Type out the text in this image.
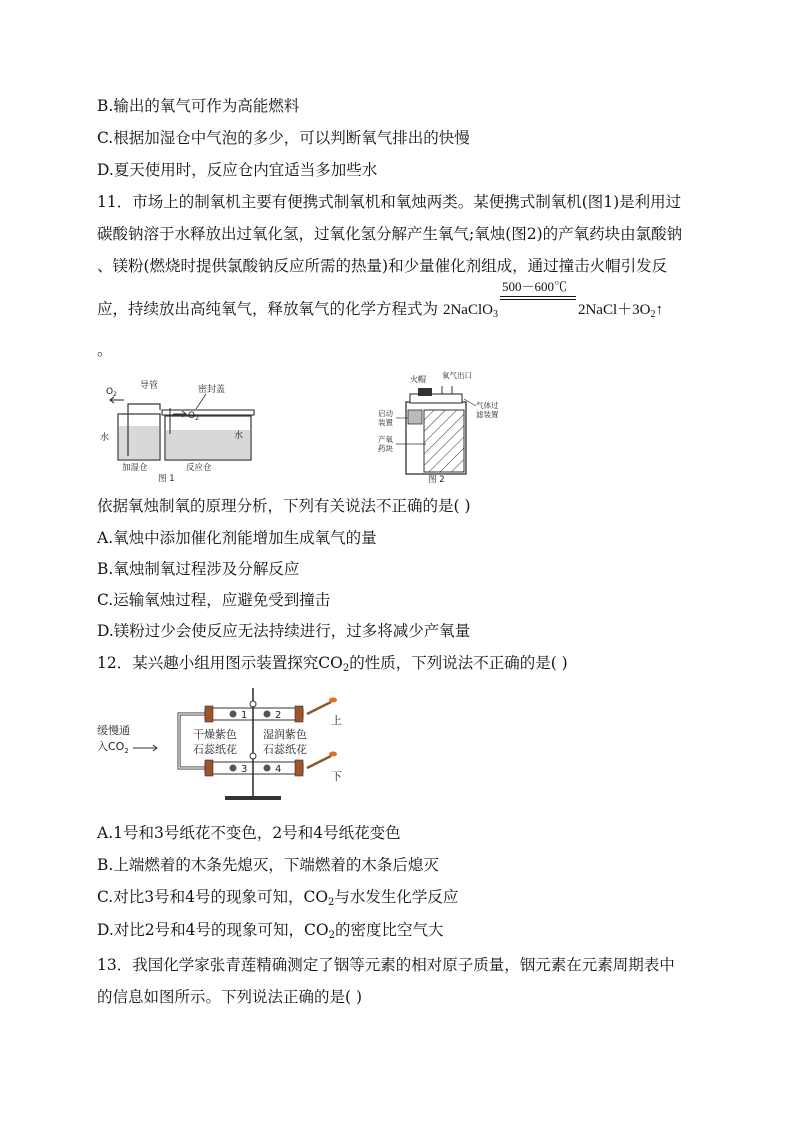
B.输出的氧气可作为高能燃料
C.根据加湿仓中气泡的多少，可以判断氧气排出的快慢
D.夏天使用时，反应仓内宜适当多加些水
11．市场上的制氧机主要有便携式制氧机和氧烛两类。某便携式制氧机(图1)是利用过
碳酸钠溶于水释放出过氧化氢，过氧化氢分解产生氧气;氧烛(图2)的产氧药块由氯酸钠
、镁粉(燃烧时提供氯酸钠反应所需的热量)和少量催化剂组成，通过撞击火帽引发反
应，持续放出高纯氧气，释放氧气的化学方程式为 2NaClO$_3$
500－600℃
$2NaCl+3O_2↑$
。
$O_2$
导管	密封盖
$O_2$
水	水
加湿仓	反应仓
图 1
火帽 氧气出口
启动
装置
产氧
药块
气体过
滤装置
图 2
依据氧烛制氧的原理分析，下列有关说法不正确的是( )
A.氧烛中添加催化剂能增加生成氧气的量
B.氧烛制氧过程涉及分解反应
C.运输氧烛过程，应避免受到撞击
D.镁粉过少会使反应无法持续进行，过多将减少产氧量
12．某兴趣小组用图示装置探究$CO_2$的性质，下列说法不正确的是( )
缓慢通
入$CO_2$
1	2
3	4
干燥紫色
石蕊纸花
湿润紫色
石蕊纸花
上
下
A.1号和3号纸花不变色，2号和4号纸花变色
B.上端燃着的木条先熄灭，下端燃着的木条后熄灭
C.对比3号和4号的现象可知，$CO_2$与水发生化学反应
D.对比2号和4号的现象可知，$CO_2$的密度比空气大
13．我国化学家张青莲精确测定了铟等元素的相对原子质量，铟元素在元素周期表中
的信息如图所示。下列说法正确的是( )
